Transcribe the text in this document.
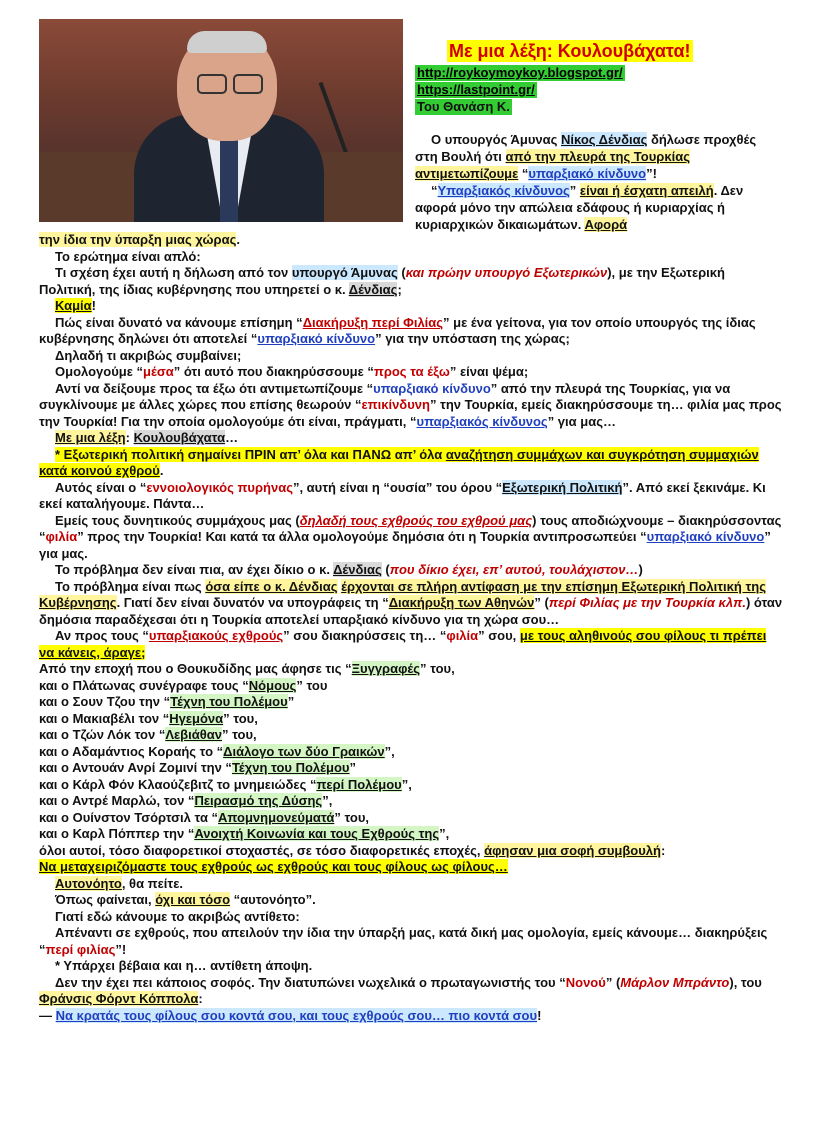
Με μια λέξη: Κουλουβάχατα!
http://roykoymoykoy.blogspot.gr/
https://lastpoint.gr/
Του Θανάση Κ.

Ο υπουργός Άμυνας Νίκος Δένδιας δήλωσε προχθές στη Βουλή ότι από την πλευρά της Τουρκίας αντιμετωπίζουμε “υπαρξιακό κίνδυνο”!

“Υπαρξιακός κίνδυνος” είναι ή έσχατη απειλή. Δεν αφορά μόνο την απώλεια εδάφους ή κυριαρχίας ή κυριαρχικών δικαιωμάτων. Αφορά

την ίδια την ύπαρξη μιας χώρας.

Το ερώτημα είναι απλό:

Τι σχέση έχει αυτή η δήλωση από τον υπουργό Άμυνας (και πρώην υπουργό Εξωτερικών), με την Εξωτερική Πολιτική, της ίδιας κυβέρνησης που υπηρετεί ο κ. Δένδιας;

Καμία!

Πώς είναι δυνατό να κάνουμε επίσημη “Διακήρυξη περί Φιλίας” με ένα γείτονα, για τον οποίο υπουργός της ίδιας κυβέρνησης δηλώνει ότι αποτελεί “υπαρξιακό κίνδυνο” για την υπόσταση της χώρας;

Δηλαδή τι ακριβώς συμβαίνει;

Ομολογούμε “μέσα” ότι αυτό που διακηρύσσουμε “προς τα έξω” είναι ψέμα;

Αντί να δείξουμε προς τα έξω ότι αντιμετωπίζουμε “υπαρξιακό κίνδυνο” από την πλευρά της Τουρκίας, για να συγκλίνουμε με άλλες χώρες που επίσης θεωρούν “επικίνδυνη” την Τουρκία, εμείς διακηρύσσουμε τη… φιλία μας προς την Τουρκία! Για την οποία ομολογούμε ότι είναι, πράγματι, “υπαρξιακός κίνδυνος” για μας…

Με μια λέξη: Κουλουβάχατα…

* Εξωτερική πολιτική σημαίνει ΠΡΙΝ απ’ όλα και ΠΑΝΩ απ’ όλα αναζήτηση συμμάχων και συγκρότηση συμμαχιών κατά κοινού εχθρού.

Αυτός είναι ο “εννοιολογικός πυρήνας”, αυτή είναι η “ουσία” του όρου “Εξωτερική Πολιτική”. Από εκεί ξεκινάμε. Κι εκεί καταλήγουμε. Πάντα…

Εμείς τους δυνητικούς συμμάχους μας (δηλαδή τους εχθρούς του εχθρού μας) τους αποδιώχνουμε – διακηρύσσοντας “φιλία” προς την Τουρκία! Και κατά τα άλλα ομολογούμε δημόσια ότι η Τουρκία αντιπροσωπεύει “υπαρξιακό κίνδυνο” για μας.

Το πρόβλημα δεν είναι πια, αν έχει δίκιο ο κ. Δένδιας (που δίκιο έχει, επ’ αυτού, τουλάχιστον…)

Το πρόβλημα είναι πως όσα είπε ο κ. Δένδιας έρχονται σε πλήρη αντίφαση με την επίσημη Εξωτερική Πολιτική της Κυβέρνησης. Γιατί δεν είναι δυνατόν να υπογράφεις τη “Διακήρυξη των Αθηνών” (περί Φιλίας με την Τουρκία κλπ.) όταν δημόσια παραδέχεσαι ότι η Τουρκία αποτελεί υπαρξιακό κίνδυνο για τη χώρα σου…

Αν προς τους “υπαρξιακούς εχθρούς” σου διακηρύσσεις τη… “φιλία” σου, με τους αληθινούς σου φίλους τι πρέπει να κάνεις, άραγε;

Από την εποχή που ο Θουκυδίδης μας άφησε τις “Ξυγγραφές” του,

και ο Πλάτωνας συνέγραφε τους “Νόμους” του

και ο Σουν Τζου την “Τέχνη του Πολέμου”

και ο Μακιαβέλι τον “Ηγεμόνα” του,

και ο Τζών Λόκ τον “Λεβιάθαν” του,

και ο Αδαμάντιος Κοραής το “Διάλογο των δύο Γραικών”,

και ο Αντουάν Ανρί Ζομινί την “Τέχνη του Πολέμου”

και ο Κάρλ Φόν Κλαούζεβιτζ το μνημειώδες “περί Πολέμου”,

και ο Αντρέ Μαρλώ, τον “Πειρασμό της Δύσης”,

και ο Ουίνστον Τσόρτσιλ τα “Απομνημονεύματά” του,

και ο Καρλ Πόππερ την “Ανοιχτή Κοινωνία και τους Εχθρούς της”,

όλοι αυτοί, τόσο διαφορετικοί στοχαστές, σε τόσο διαφορετικές εποχές, άφησαν μια σοφή συμβουλή:

Να μεταχειριζόμαστε τους εχθρούς ως εχθρούς και τους φίλους ως φίλους…

Αυτονόητο, θα πείτε.

Όπως φαίνεται, όχι και τόσο “αυτονόητο”.

Γιατί εδώ κάνουμε το ακριβώς αντίθετο:

Απέναντι σε εχθρούς, που απειλούν την ίδια την ύπαρξή μας, κατά δική μας ομολογία, εμείς κάνουμε… διακηρύξεις “περί φιλίας”!

* Υπάρχει βέβαια και η… αντίθετη άποψη.

Δεν την έχει πει κάποιος σοφός. Την διατυπώνει νωχελικά ο πρωταγωνιστής του “Νονού” (Μάρλον Μπράντο), του Φράνσις Φόρντ Κόππολα:

— Να κρατάς τους φίλους σου κοντά σου, και τους εχθρούς σου… πιο κοντά σου!
